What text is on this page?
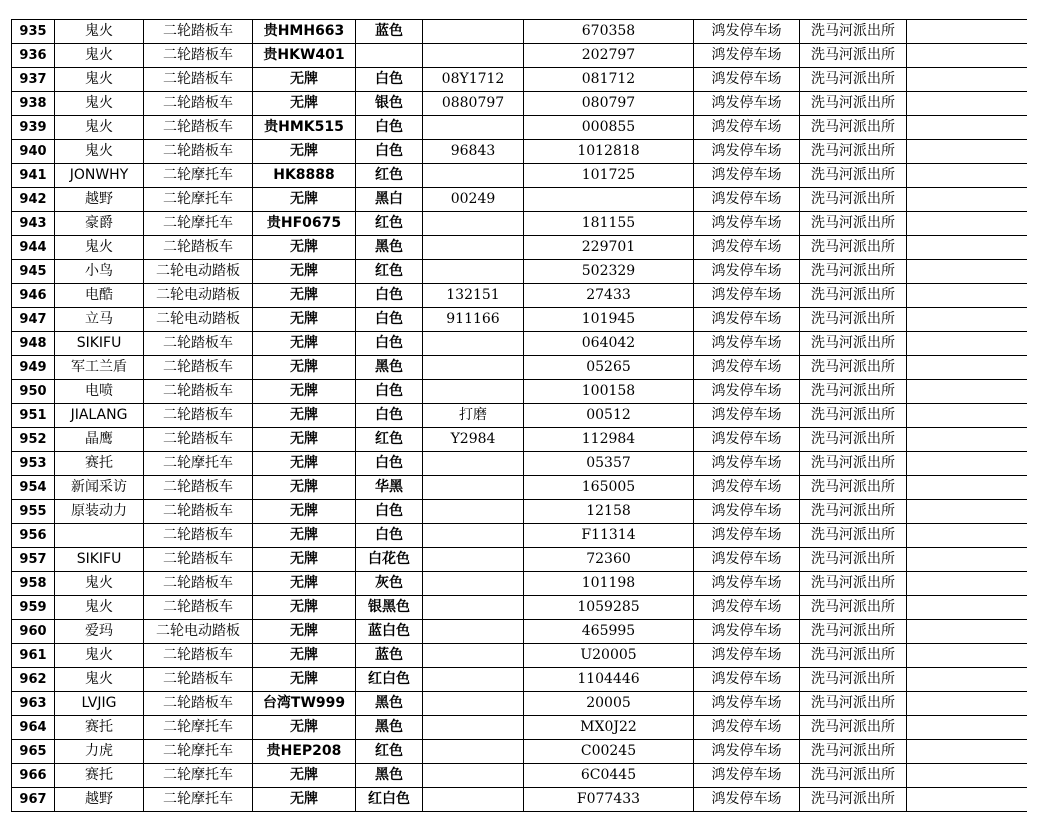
935	鬼火	二轮踏板车	贵HMH663	蓝色		670358	鸿发停车场	洗马河派出所	
936	鬼火	二轮踏板车	贵HKW401			202797	鸿发停车场	洗马河派出所	
937	鬼火	二轮踏板车	无牌	白色	08Y1712	081712	鸿发停车场	洗马河派出所	
938	鬼火	二轮踏板车	无牌	银色	0880797	080797	鸿发停车场	洗马河派出所	
939	鬼火	二轮踏板车	贵HMK515	白色		000855	鸿发停车场	洗马河派出所	
940	鬼火	二轮踏板车	无牌	白色	96843	1012818	鸿发停车场	洗马河派出所	
941	JONWHY	二轮摩托车	HK8888	红色		101725	鸿发停车场	洗马河派出所	
942	越野	二轮摩托车	无牌	黑白	00249		鸿发停车场	洗马河派出所	
943	豪爵	二轮摩托车	贵HF0675	红色		181155	鸿发停车场	洗马河派出所	
944	鬼火	二轮踏板车	无牌	黑色		229701	鸿发停车场	洗马河派出所	
945	小鸟	二轮电动踏板	无牌	红色		502329	鸿发停车场	洗马河派出所	
946	电酷	二轮电动踏板	无牌	白色	132151	27433	鸿发停车场	洗马河派出所	
947	立马	二轮电动踏板	无牌	白色	911166	101945	鸿发停车场	洗马河派出所	
948	SIKIFU	二轮踏板车	无牌	白色		064042	鸿发停车场	洗马河派出所	
949	军工兰盾	二轮踏板车	无牌	黑色		05265	鸿发停车场	洗马河派出所	
950	电喷	二轮踏板车	无牌	白色		100158	鸿发停车场	洗马河派出所	
951	JIALANG	二轮踏板车	无牌	白色	打磨	00512	鸿发停车场	洗马河派出所	
952	晶鹰	二轮踏板车	无牌	红色	Y2984	112984	鸿发停车场	洗马河派出所	
953	赛托	二轮摩托车	无牌	白色		05357	鸿发停车场	洗马河派出所	
954	新闻采访	二轮踏板车	无牌	华黑		165005	鸿发停车场	洗马河派出所	
955	原装动力	二轮踏板车	无牌	白色		12158	鸿发停车场	洗马河派出所	
956		二轮踏板车	无牌	白色		F11314	鸿发停车场	洗马河派出所	
957	SIKIFU	二轮踏板车	无牌	白花色		72360	鸿发停车场	洗马河派出所	
958	鬼火	二轮踏板车	无牌	灰色		101198	鸿发停车场	洗马河派出所	
959	鬼火	二轮踏板车	无牌	银黑色		1059285	鸿发停车场	洗马河派出所	
960	爱玛	二轮电动踏板	无牌	蓝白色		465995	鸿发停车场	洗马河派出所	
961	鬼火	二轮踏板车	无牌	蓝色		U20005	鸿发停车场	洗马河派出所	
962	鬼火	二轮踏板车	无牌	红白色		1104446	鸿发停车场	洗马河派出所	
963	LVJIG	二轮踏板车	台湾TW999	黑色		20005	鸿发停车场	洗马河派出所	
964	赛托	二轮摩托车	无牌	黑色		MX0J22	鸿发停车场	洗马河派出所	
965	力虎	二轮摩托车	贵HEP208	红色		C00245	鸿发停车场	洗马河派出所	
966	赛托	二轮摩托车	无牌	黑色		6C0445	鸿发停车场	洗马河派出所	
967	越野	二轮摩托车	无牌	红白色		F077433	鸿发停车场	洗马河派出所	
